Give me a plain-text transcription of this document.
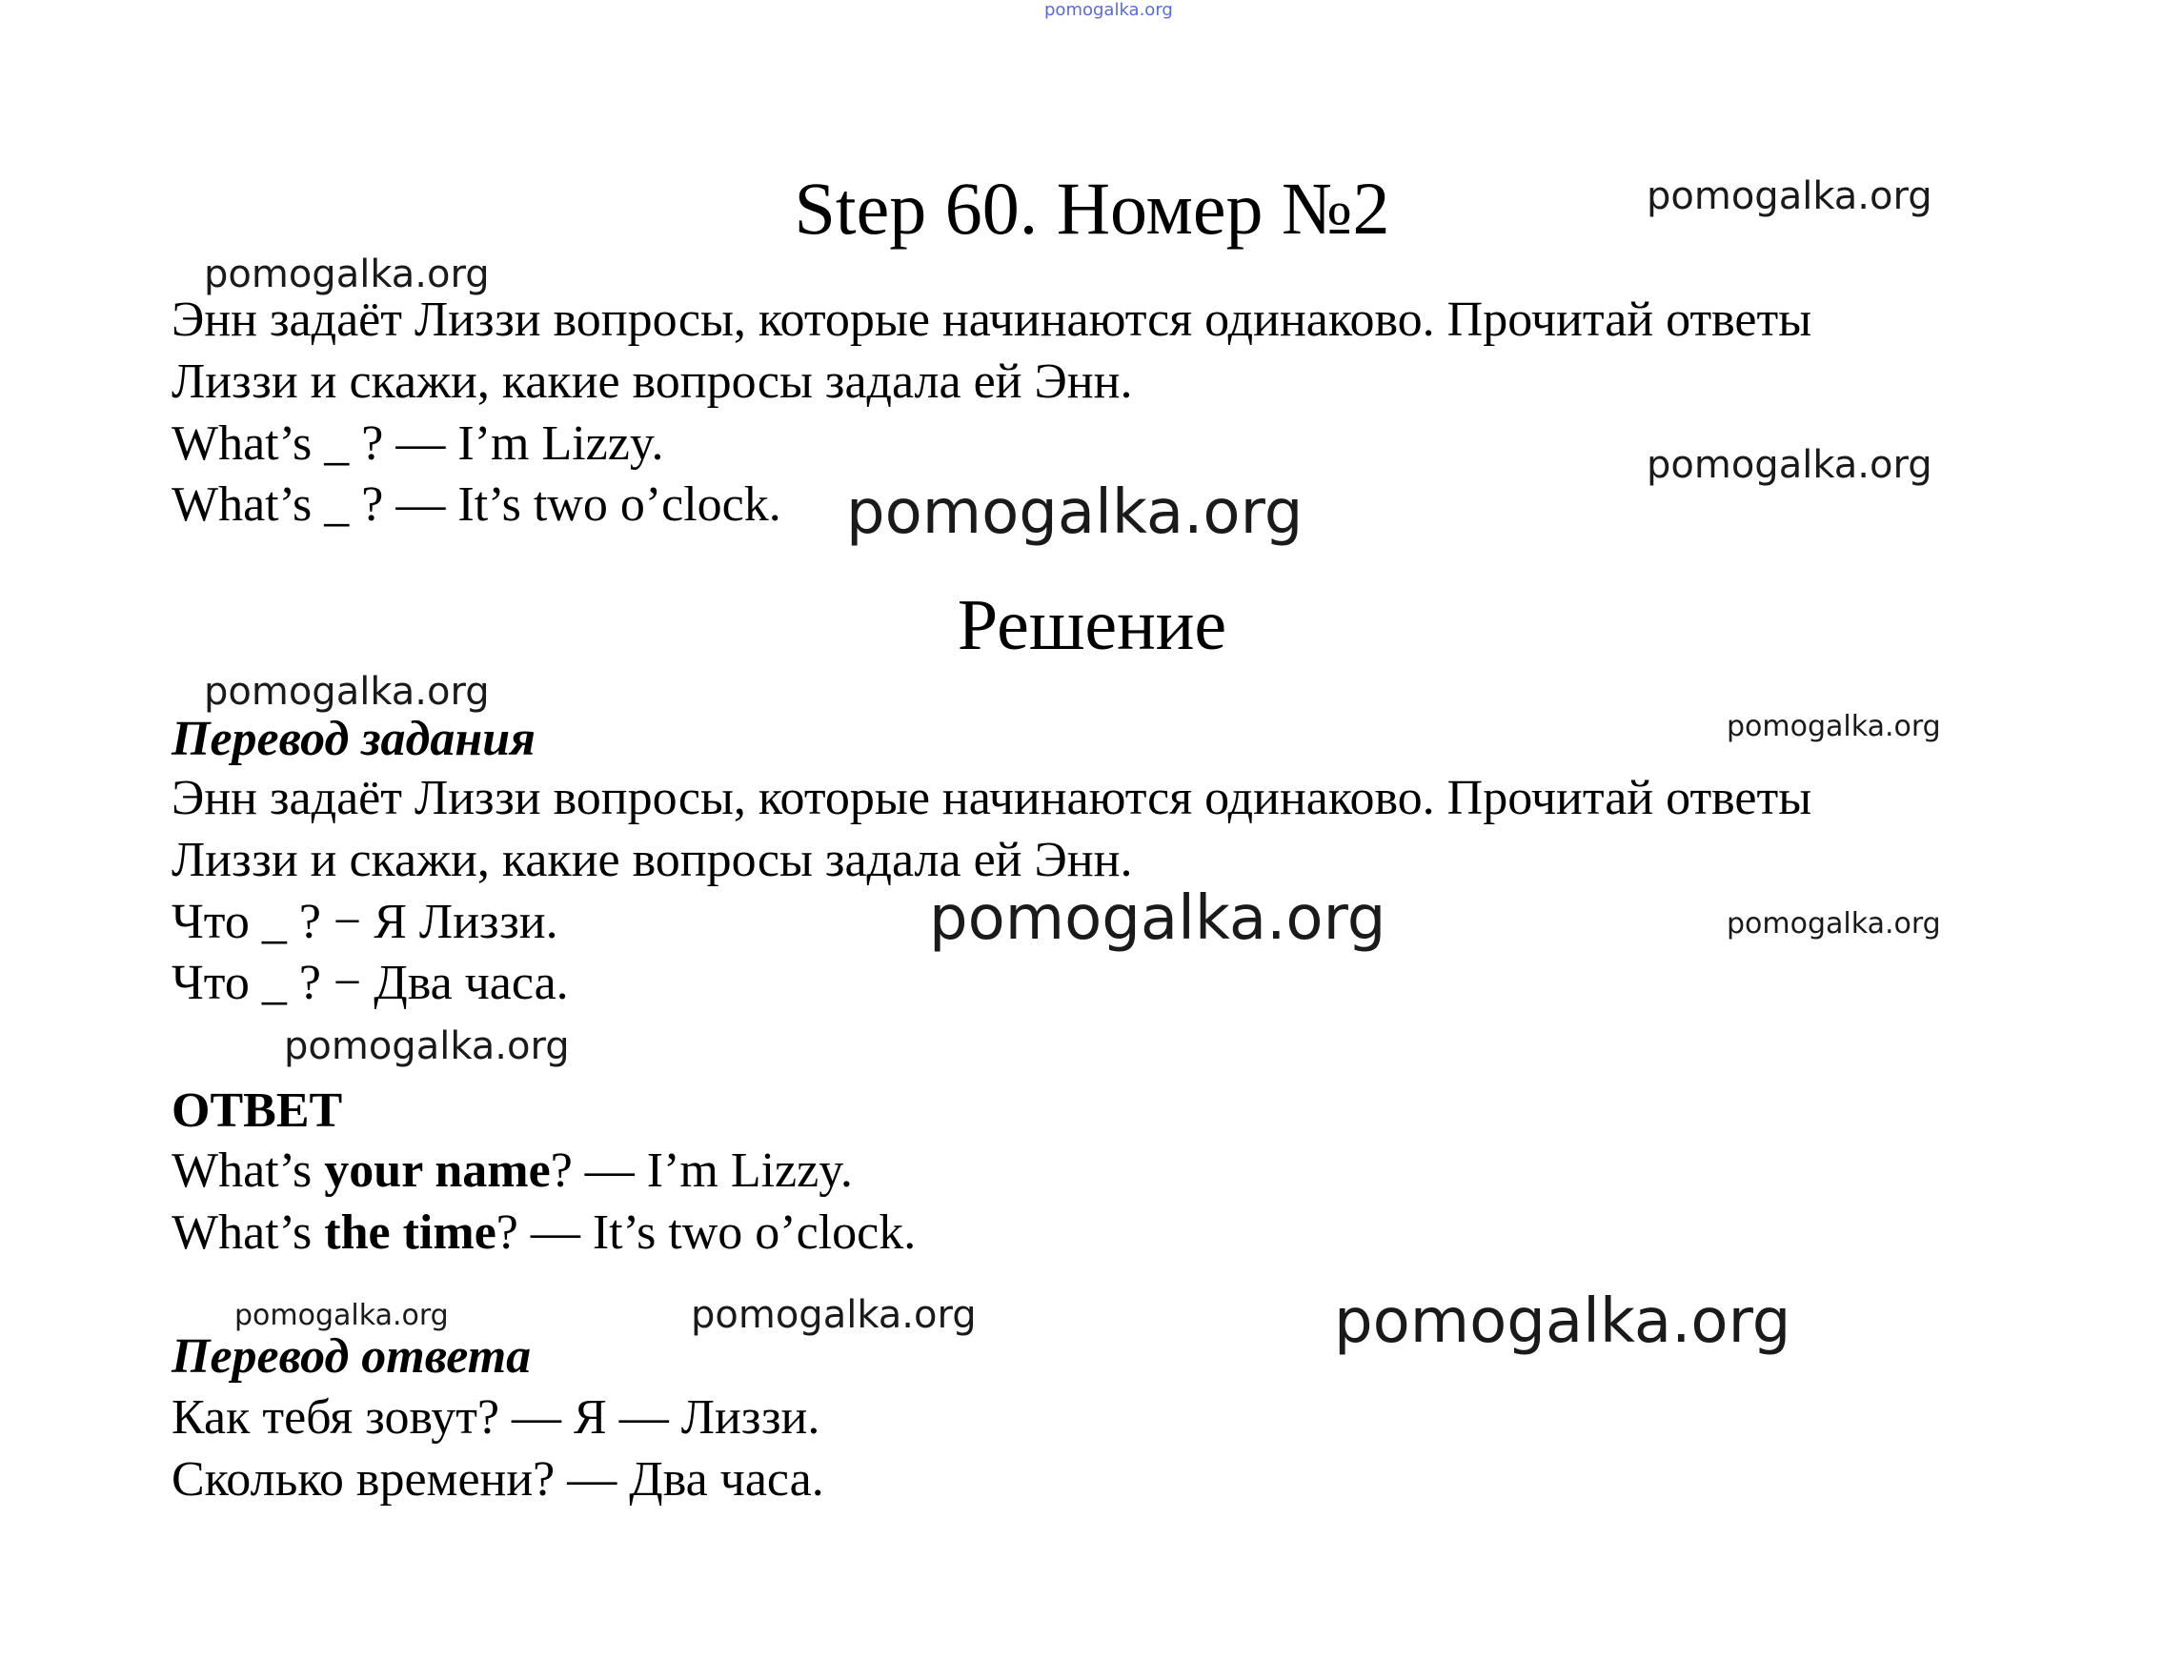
pomogalka.org
pomogalka.org
pomogalka.org
pomogalka.org
pomogalka.org
pomogalka.org
pomogalka.org
pomogalka.org	pomogalka.org
pomogalka.org
pomogalka.org	pomogalka.org	pomogalka.org
Step 60. Номер №2
Энн задаёт Лиззи вопросы, которые начинаются одинаково. Прочитай ответы
Лиззи и скажи, какие вопросы задала ей Энн.
What’s _ ? — I’m Lizzy.
What’s _ ? — It’s two o’clock.
Решение
Перевод задания
Энн задаёт Лиззи вопросы, которые начинаются одинаково. Прочитай ответы
Лиззи и скажи, какие вопросы задала ей Энн.
Что _ ? − Я Лиззи.
Что _ ? − Два часа.
ОТВЕТ
What’s your name? — I’m Lizzy.
What’s the time? — It’s two o’clock.
Перевод ответа
Как тебя зовут? — Я — Лиззи.
Сколько времени? — Два часа.
